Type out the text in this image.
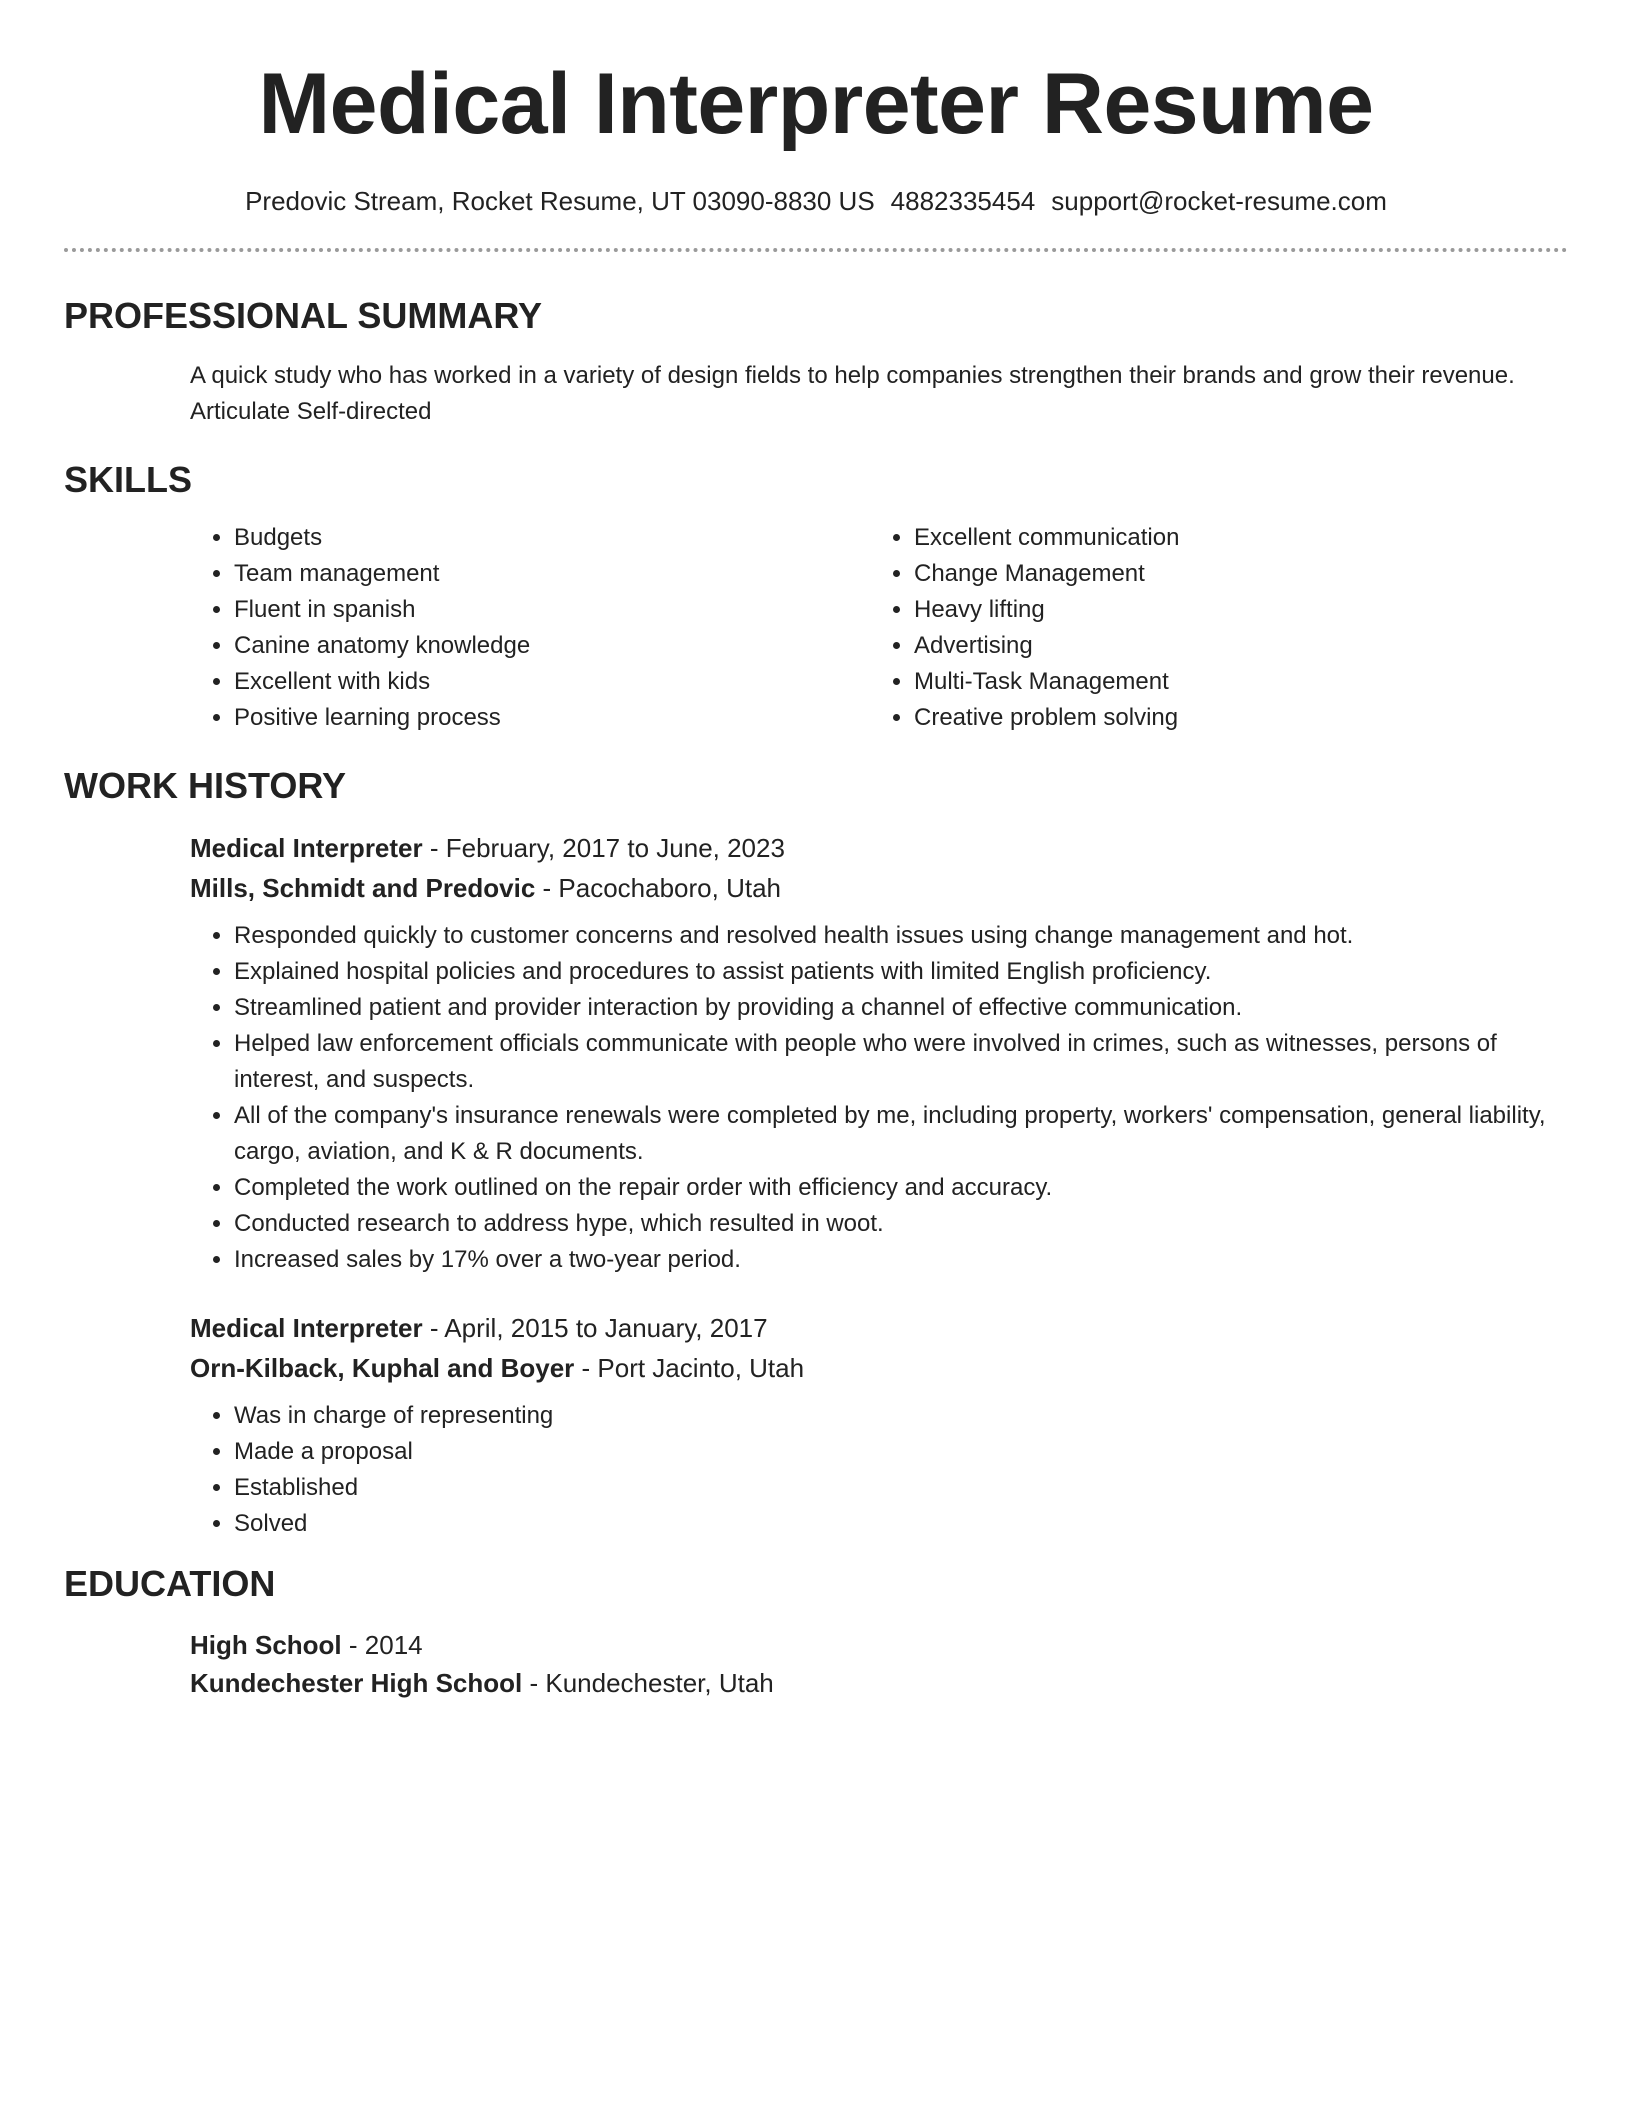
Medical Interpreter Resume
Predovic Stream, Rocket Resume, UT 03090-8830 US 4882335454 support@rocket-resume.com
PROFESSIONAL SUMMARY
A quick study who has worked in a variety of design fields to help companies strengthen their brands and grow their revenue.
Articulate Self-directed
SKILLS
• Budgets
• Team management
• Fluent in spanish
• Canine anatomy knowledge
• Excellent with kids
• Positive learning process
• Excellent communication
• Change Management
• Heavy lifting
• Advertising
• Multi-Task Management
• Creative problem solving
WORK HISTORY
Medical Interpreter - February, 2017 to June, 2023
Mills, Schmidt and Predovic - Pacochaboro, Utah
• Responded quickly to customer concerns and resolved health issues using change management and hot.
• Explained hospital policies and procedures to assist patients with limited English proficiency.
• Streamlined patient and provider interaction by providing a channel of effective communication.
• Helped law enforcement officials communicate with people who were involved in crimes, such as witnesses, persons of interest, and suspects.
• All of the company's insurance renewals were completed by me, including property, workers' compensation, general liability, cargo, aviation, and K & R documents.
• Completed the work outlined on the repair order with efficiency and accuracy.
• Conducted research to address hype, which resulted in woot.
• Increased sales by 17% over a two-year period.
Medical Interpreter - April, 2015 to January, 2017
Orn-Kilback, Kuphal and Boyer - Port Jacinto, Utah
• Was in charge of representing
• Made a proposal
• Established
• Solved
EDUCATION
High School - 2014
Kundechester High School - Kundechester, Utah
